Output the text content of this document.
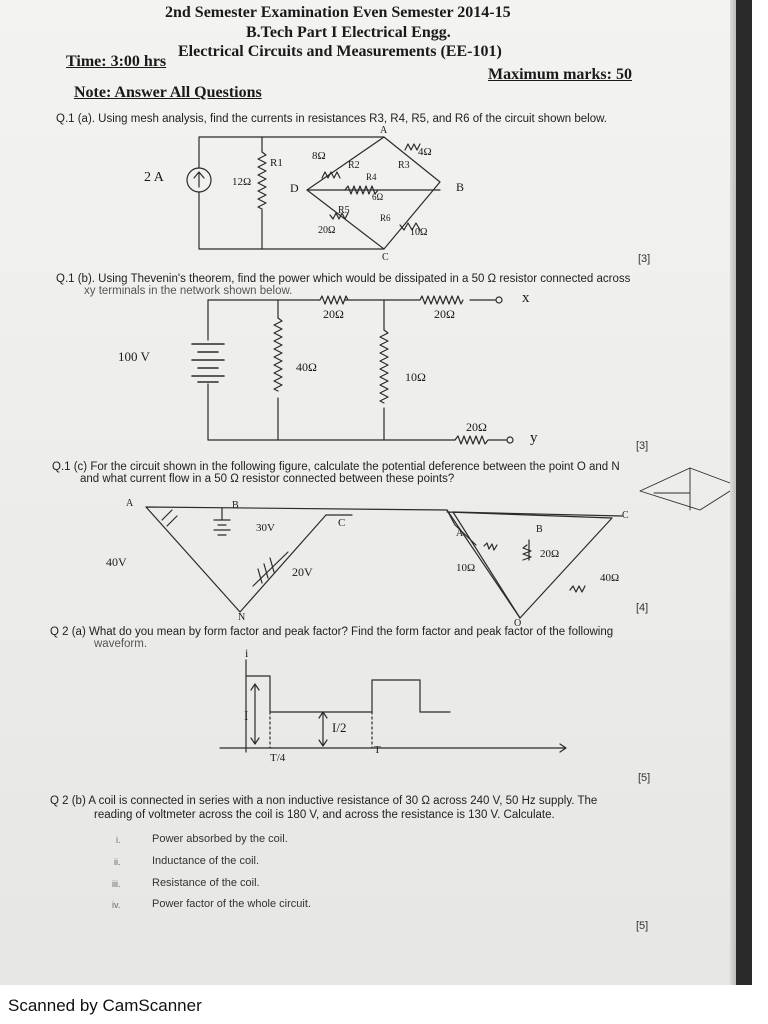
2nd Semester Examination Even Semester 2014-15
B.Tech Part I Electrical Engg.
Electrical Circuits and Measurements (EE-101)
Time: 3:00 hrs
Maximum marks: 50
Note: Answer All Questions
Q.1 (a). Using mesh analysis, find the currents in resistances R3, R4, R5, and R6 of the circuit shown below.
[3]
Q.1 (b). Using Thevenin's theorem, find the power which would be dissipated in a 50 Ω resistor connected across
xy terminals in the network shown below.
[3]
Q.1 (c) For the circuit shown in the following figure, calculate the potential deference between the point O and N
and what current flow in a 50 Ω resistor connected between these points?
[4]
Q 2 (a) What do you mean by form factor and peak factor? Find the form factor and peak factor of the following
waveform.
[5]
Q 2 (b) A coil is connected in series with a non inductive resistance of 30 Ω across 240 V, 50 Hz supply. The
reading of voltmeter across the coil is 180 V, and across the resistance is 130 V. Calculate.
i.	Power absorbed by the coil.
ii.	Inductance of the coil.
iii.	Resistance of the coil.
iv.	Power factor of the whole circuit.
[5]
2 A	12Ω
R1
D
8Ω
R2
4Ω
R3
A
R4
6Ω
B
R5
20Ω
R6
10Ω
C
100 V
20Ω	20Ω
x
40Ω
10Ω
20Ω
y
A	B
30V	C
40V
20V
N
A	B
C
10Ω
20Ω
40Ω
O
i
I
I/2
T/4
T
Scanned by CamScanner
